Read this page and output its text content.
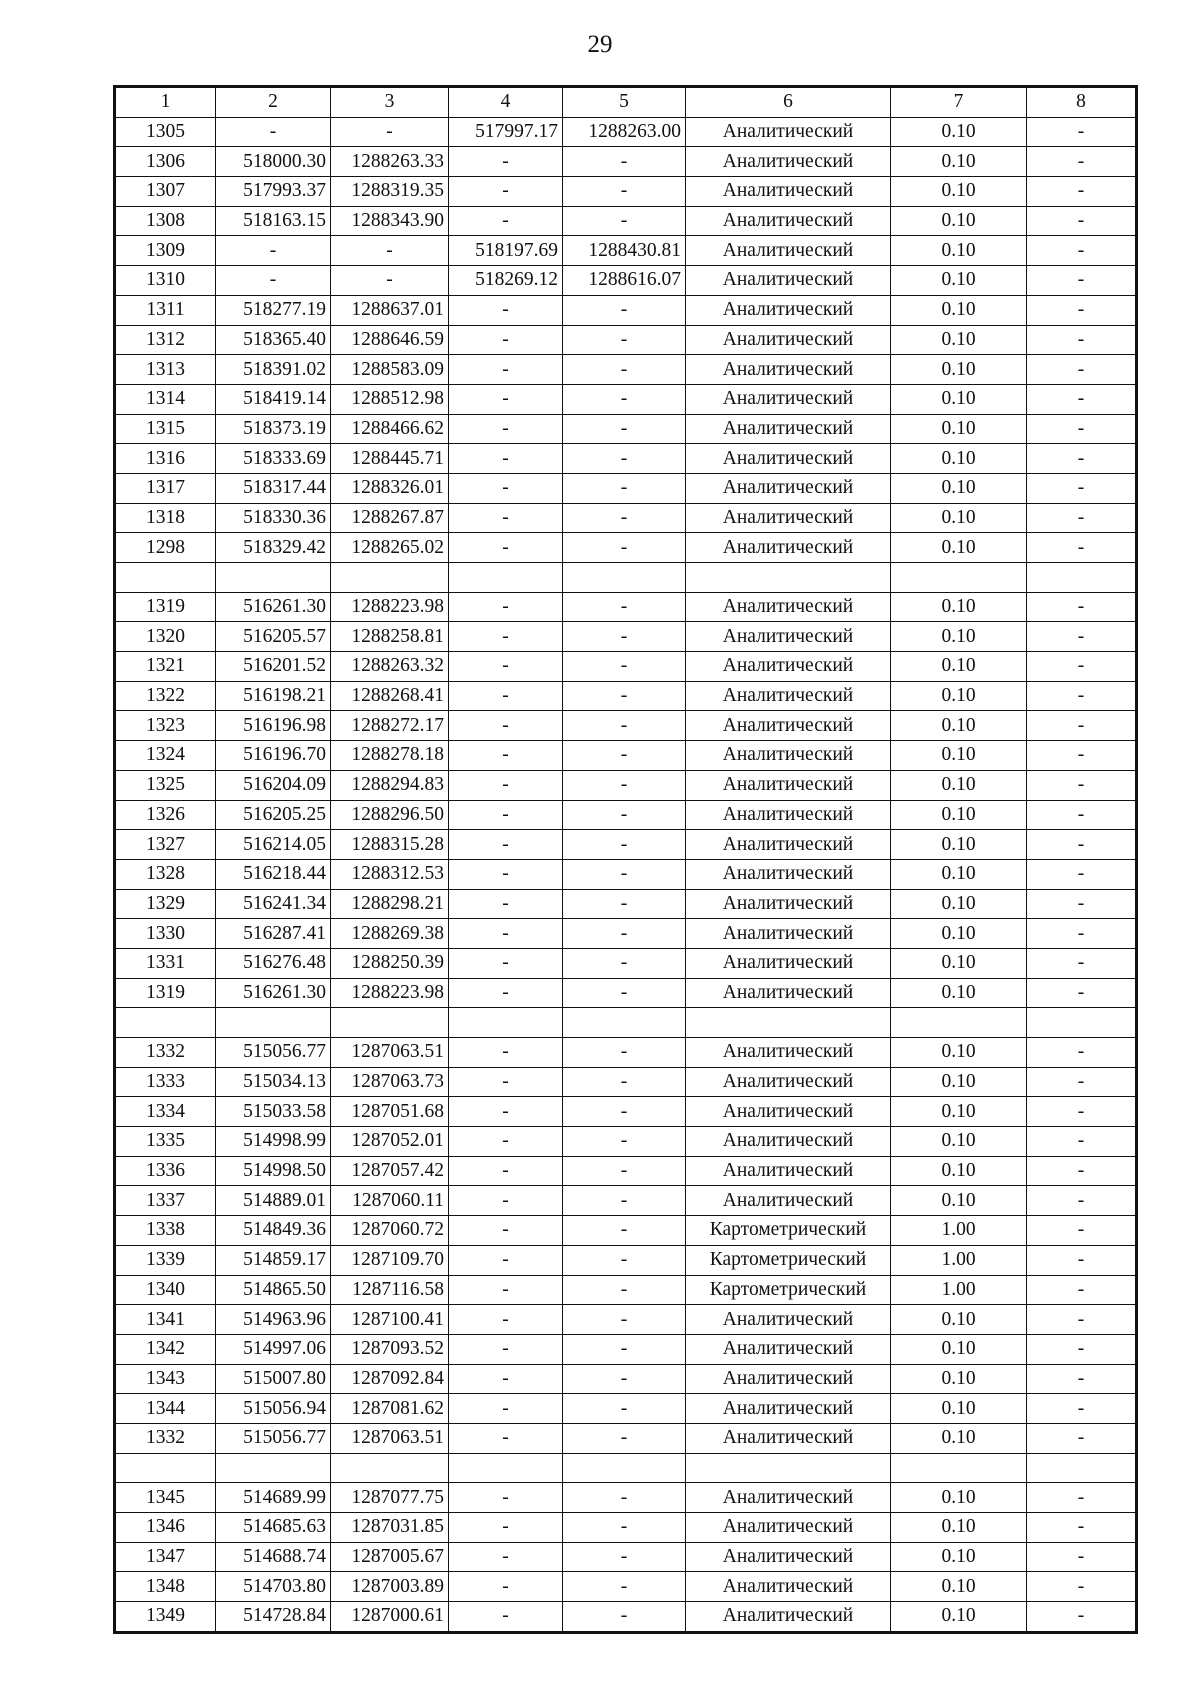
29
1	2	3	4	5	6	7	8
1305	-	-	517997.17	1288263.00	Аналитический	0.10	-
1306	518000.30	1288263.33	-	-	Аналитический	0.10	-
1307	517993.37	1288319.35	-	-	Аналитический	0.10	-
1308	518163.15	1288343.90	-	-	Аналитический	0.10	-
1309	-	-	518197.69	1288430.81	Аналитический	0.10	-
1310	-	-	518269.12	1288616.07	Аналитический	0.10	-
1311	518277.19	1288637.01	-	-	Аналитический	0.10	-
1312	518365.40	1288646.59	-	-	Аналитический	0.10	-
1313	518391.02	1288583.09	-	-	Аналитический	0.10	-
1314	518419.14	1288512.98	-	-	Аналитический	0.10	-
1315	518373.19	1288466.62	-	-	Аналитический	0.10	-
1316	518333.69	1288445.71	-	-	Аналитический	0.10	-
1317	518317.44	1288326.01	-	-	Аналитический	0.10	-
1318	518330.36	1288267.87	-	-	Аналитический	0.10	-
1298	518329.42	1288265.02	-	-	Аналитический	0.10	-

1319	516261.30	1288223.98	-	-	Аналитический	0.10	-
1320	516205.57	1288258.81	-	-	Аналитический	0.10	-
1321	516201.52	1288263.32	-	-	Аналитический	0.10	-
1322	516198.21	1288268.41	-	-	Аналитический	0.10	-
1323	516196.98	1288272.17	-	-	Аналитический	0.10	-
1324	516196.70	1288278.18	-	-	Аналитический	0.10	-
1325	516204.09	1288294.83	-	-	Аналитический	0.10	-
1326	516205.25	1288296.50	-	-	Аналитический	0.10	-
1327	516214.05	1288315.28	-	-	Аналитический	0.10	-
1328	516218.44	1288312.53	-	-	Аналитический	0.10	-
1329	516241.34	1288298.21	-	-	Аналитический	0.10	-
1330	516287.41	1288269.38	-	-	Аналитический	0.10	-
1331	516276.48	1288250.39	-	-	Аналитический	0.10	-
1319	516261.30	1288223.98	-	-	Аналитический	0.10	-

1332	515056.77	1287063.51	-	-	Аналитический	0.10	-
1333	515034.13	1287063.73	-	-	Аналитический	0.10	-
1334	515033.58	1287051.68	-	-	Аналитический	0.10	-
1335	514998.99	1287052.01	-	-	Аналитический	0.10	-
1336	514998.50	1287057.42	-	-	Аналитический	0.10	-
1337	514889.01	1287060.11	-	-	Аналитический	0.10	-
1338	514849.36	1287060.72	-	-	Картометрический	1.00	-
1339	514859.17	1287109.70	-	-	Картометрический	1.00	-
1340	514865.50	1287116.58	-	-	Картометрический	1.00	-
1341	514963.96	1287100.41	-	-	Аналитический	0.10	-
1342	514997.06	1287093.52	-	-	Аналитический	0.10	-
1343	515007.80	1287092.84	-	-	Аналитический	0.10	-
1344	515056.94	1287081.62	-	-	Аналитический	0.10	-
1332	515056.77	1287063.51	-	-	Аналитический	0.10	-

1345	514689.99	1287077.75	-	-	Аналитический	0.10	-
1346	514685.63	1287031.85	-	-	Аналитический	0.10	-
1347	514688.74	1287005.67	-	-	Аналитический	0.10	-
1348	514703.80	1287003.89	-	-	Аналитический	0.10	-
1349	514728.84	1287000.61	-	-	Аналитический	0.10	-
